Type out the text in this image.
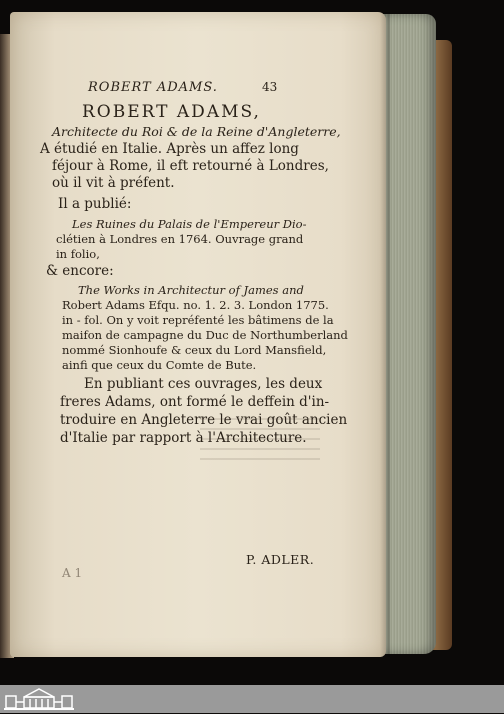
ROBERT ADAMS.	43
ROBERT ADAMS,
Architecte du Roi & de la Reine d'Angleterre,
A étudié en Italie. Après un affez long
féjour à Rome, il eft retourné à Londres,
où il vit à préfent.
Il a publié:
Les Ruines du Palais de l'Empereur Dio-
clétien à Londres en 1764. Ouvrage grand
in folio,
& encore:
The Works in Architectur of James and
Robert Adams Efqu. no. 1. 2. 3. London 1775.
in - fol. On y voit repréfenté les bâtimens de la
maifon de campagne du Duc de Northumberland
nommé Sionhoufe & ceux du Lord Mansfield,
ainfi que ceux du Comte de Bute.
En publiant ces ouvrages, les deux
freres Adams, ont formé le deffein d'in-
troduire en Angleterre le vrai goût ancien
d'Italie par rapport à l'Architecture.
A 1
P. ADLER.
